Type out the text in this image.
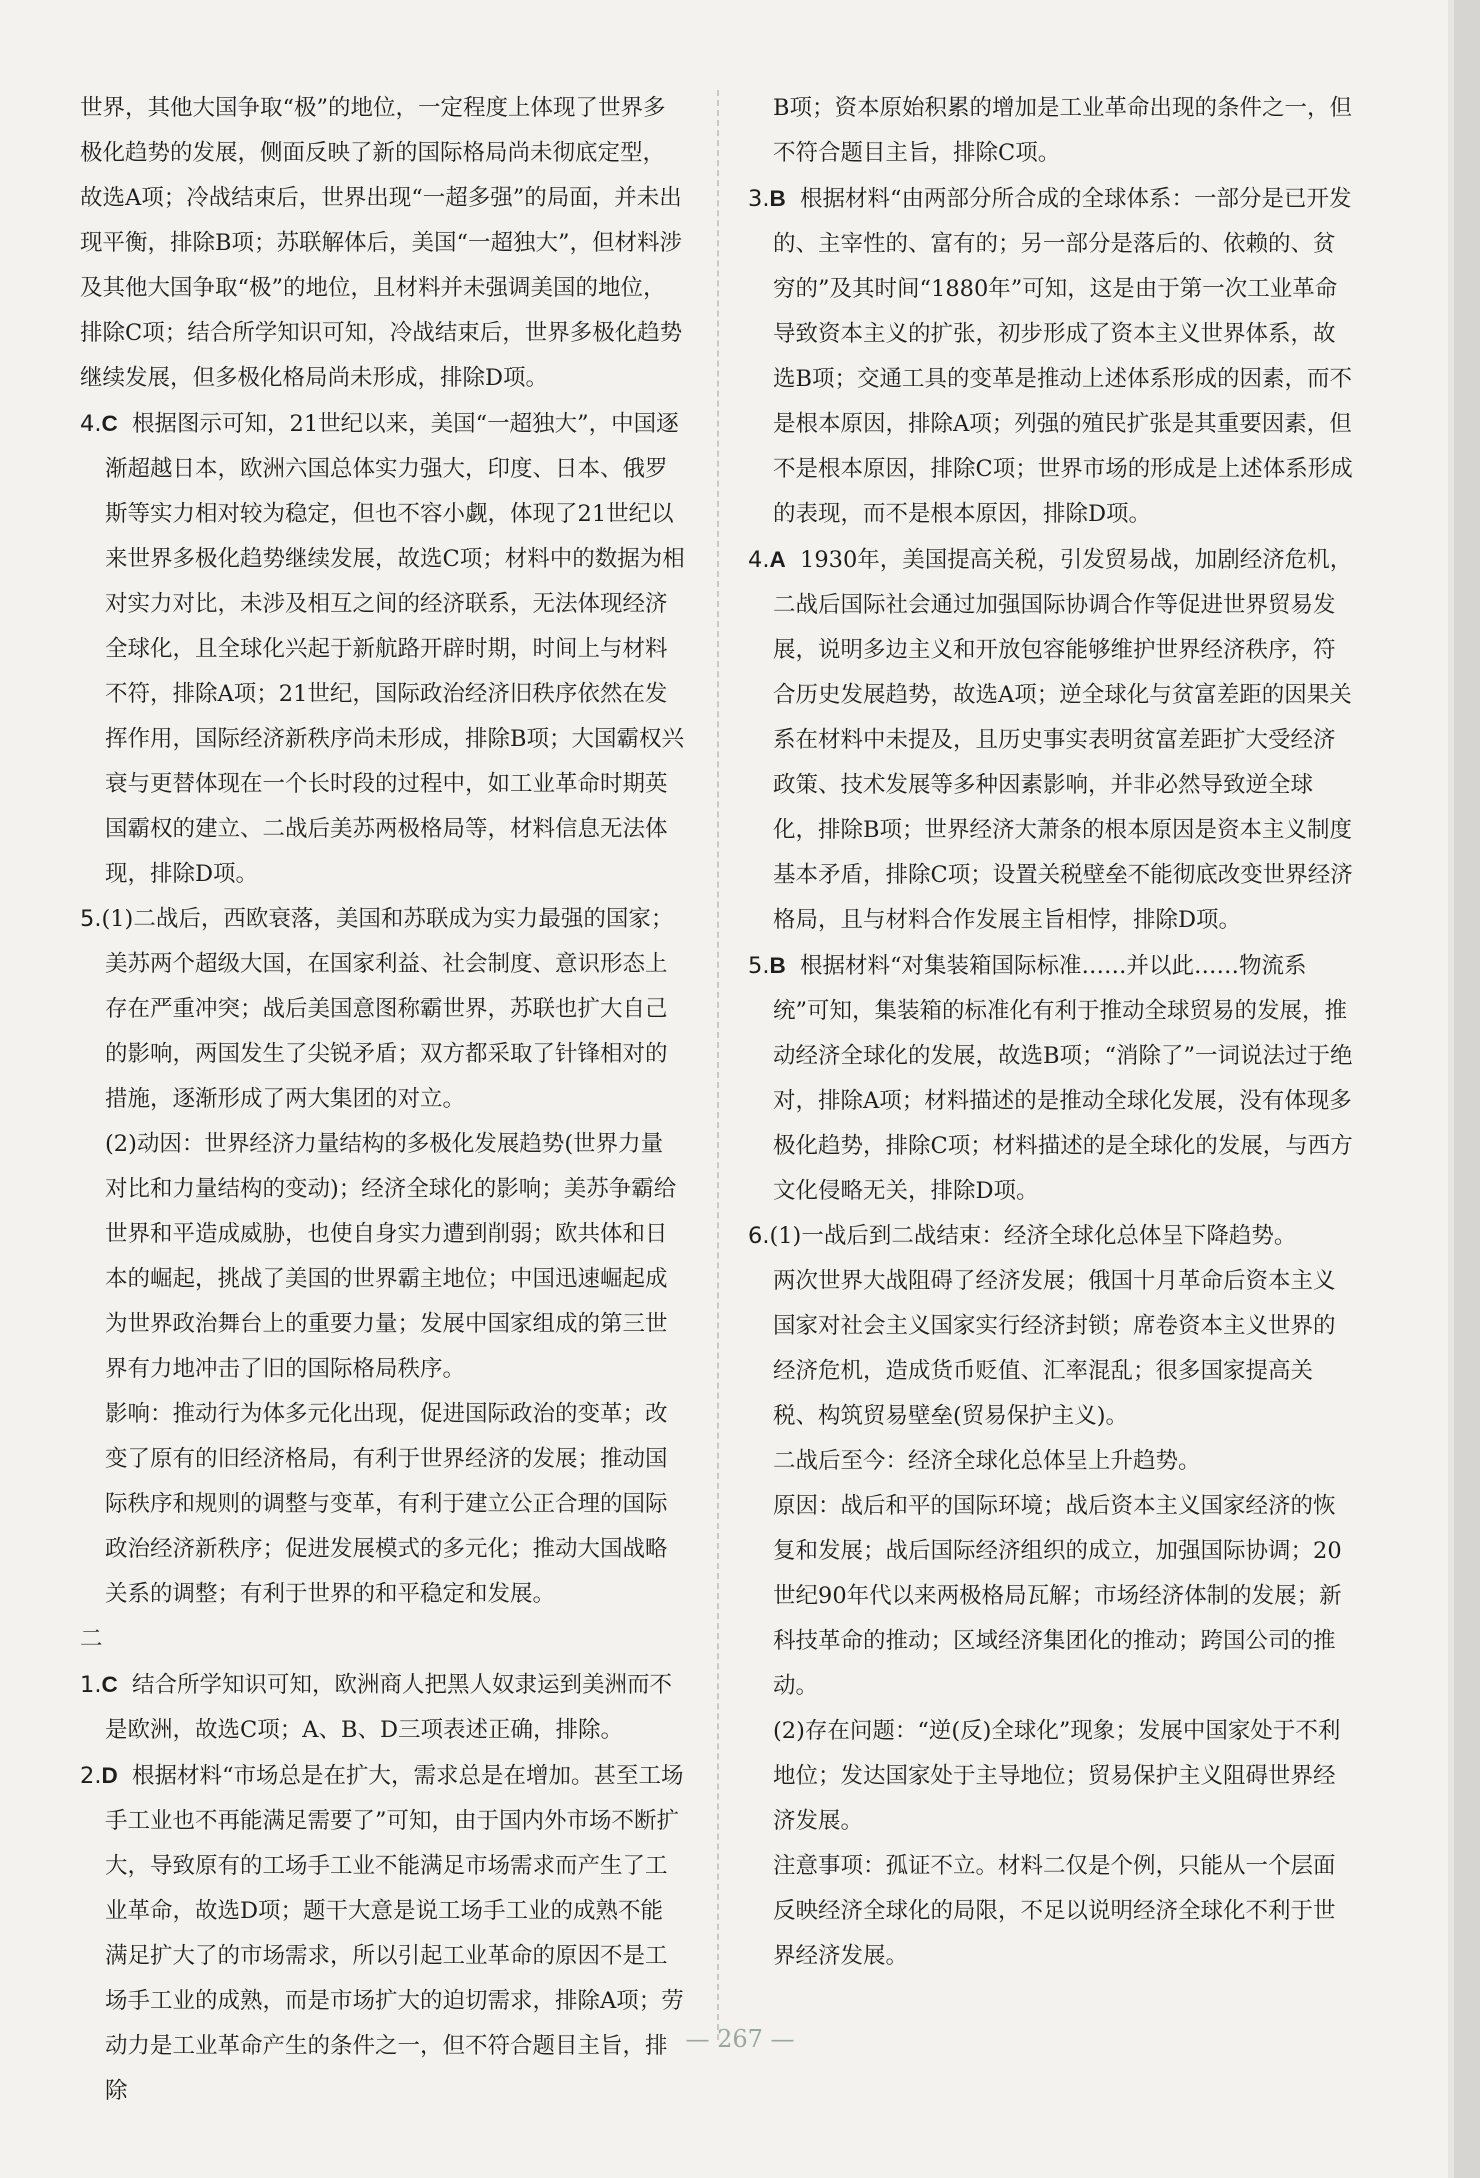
世界，其他大国争取“极”的地位，一定程度上体现了世界多极化趋势的发展，侧面反映了新的国际格局尚未彻底定型，故选A项；冷战结束后，世界出现“一超多强”的局面，并未出现平衡，排除B项；苏联解体后，美国“一超独大”，但材料涉及其他大国争取“极”的地位，且材料并未强调美国的地位，排除C项；结合所学知识可知，冷战结束后，世界多极化趋势继续发展，但多极化格局尚未形成，排除D项。

4.C 根据图示可知，21世纪以来，美国“一超独大”，中国逐渐超越日本，欧洲六国总体实力强大，印度、日本、俄罗斯等实力相对较为稳定，但也不容小觑，体现了21世纪以来世界多极化趋势继续发展，故选C项；材料中的数据为相对实力对比，未涉及相互之间的经济联系，无法体现经济全球化，且全球化兴起于新航路开辟时期，时间上与材料不符，排除A项；21世纪，国际政治经济旧秩序依然在发挥作用，国际经济新秩序尚未形成，排除B项；大国霸权兴衰与更替体现在一个长时段的过程中，如工业革命时期英国霸权的建立、二战后美苏两极格局等，材料信息无法体现，排除D项。

5.(1)二战后，西欧衰落，美国和苏联成为实力最强的国家；美苏两个超级大国，在国家利益、社会制度、意识形态上存在严重冲突；战后美国意图称霸世界，苏联也扩大自己的影响，两国发生了尖锐矛盾；双方都采取了针锋相对的措施，逐渐形成了两大集团的对立。

(2)动因：世界经济力量结构的多极化发展趋势(世界力量对比和力量结构的变动)；经济全球化的影响；美苏争霸给世界和平造成威胁，也使自身实力遭到削弱；欧共体和日本的崛起，挑战了美国的世界霸主地位；中国迅速崛起成为世界政治舞台上的重要力量；发展中国家组成的第三世界有力地冲击了旧的国际格局秩序。

影响：推动行为体多元化出现，促进国际政治的变革；改变了原有的旧经济格局，有利于世界经济的发展；推动国际秩序和规则的调整与变革，有利于建立公正合理的国际政治经济新秩序；促进发展模式的多元化；推动大国战略关系的调整；有利于世界的和平稳定和发展。

二

1.C 结合所学知识可知，欧洲商人把黑人奴隶运到美洲而不是欧洲，故选C项；A、B、D三项表述正确，排除。

2.D 根据材料“市场总是在扩大，需求总是在增加。甚至工场手工业也不再能满足需要了”可知，由于国内外市场不断扩大，导致原有的工场手工业不能满足市场需求而产生了工业革命，故选D项；题干大意是说工场手工业的成熟不能满足扩大了的市场需求，所以引起工业革命的原因不是工场手工业的成熟，而是市场扩大的迫切需求，排除A项；劳动力是工业革命产生的条件之一，但不符合题目主旨，排除

B项；资本原始积累的增加是工业革命出现的条件之一，但不符合题目主旨，排除C项。

3.B 根据材料“由两部分所合成的全球体系：一部分是已开发的、主宰性的、富有的；另一部分是落后的、依赖的、贫穷的”及其时间“1880年”可知，这是由于第一次工业革命导致资本主义的扩张，初步形成了资本主义世界体系，故选B项；交通工具的变革是推动上述体系形成的因素，而不是根本原因，排除A项；列强的殖民扩张是其重要因素，但不是根本原因，排除C项；世界市场的形成是上述体系形成的表现，而不是根本原因，排除D项。

4.A 1930年，美国提高关税，引发贸易战，加剧经济危机，二战后国际社会通过加强国际协调合作等促进世界贸易发展，说明多边主义和开放包容能够维护世界经济秩序，符合历史发展趋势，故选A项；逆全球化与贫富差距的因果关系在材料中未提及，且历史事实表明贫富差距扩大受经济政策、技术发展等多种因素影响，并非必然导致逆全球化，排除B项；世界经济大萧条的根本原因是资本主义制度基本矛盾，排除C项；设置关税壁垒不能彻底改变世界经济格局，且与材料合作发展主旨相悖，排除D项。

5.B 根据材料“对集装箱国际标准……并以此……物流系统”可知，集装箱的标准化有利于推动全球贸易的发展，推动经济全球化的发展，故选B项；“消除了”一词说法过于绝对，排除A项；材料描述的是推动全球化发展，没有体现多极化趋势，排除C项；材料描述的是全球化的发展，与西方文化侵略无关，排除D项。

6.(1)一战后到二战结束：经济全球化总体呈下降趋势。

两次世界大战阻碍了经济发展；俄国十月革命后资本主义国家对社会主义国家实行经济封锁；席卷资本主义世界的经济危机，造成货币贬值、汇率混乱；很多国家提高关税、构筑贸易壁垒(贸易保护主义)。

二战后至今：经济全球化总体呈上升趋势。

原因：战后和平的国际环境；战后资本主义国家经济的恢复和发展；战后国际经济组织的成立，加强国际协调；20世纪90年代以来两极格局瓦解；市场经济体制的发展；新科技革命的推动；区域经济集团化的推动；跨国公司的推动。

(2)存在问题：“逆(反)全球化”现象；发展中国家处于不利地位；发达国家处于主导地位；贸易保护主义阻碍世界经济发展。

注意事项：孤证不立。材料二仅是个例，只能从一个层面反映经济全球化的局限，不足以说明经济全球化不利于世界经济发展。

— 267 —
